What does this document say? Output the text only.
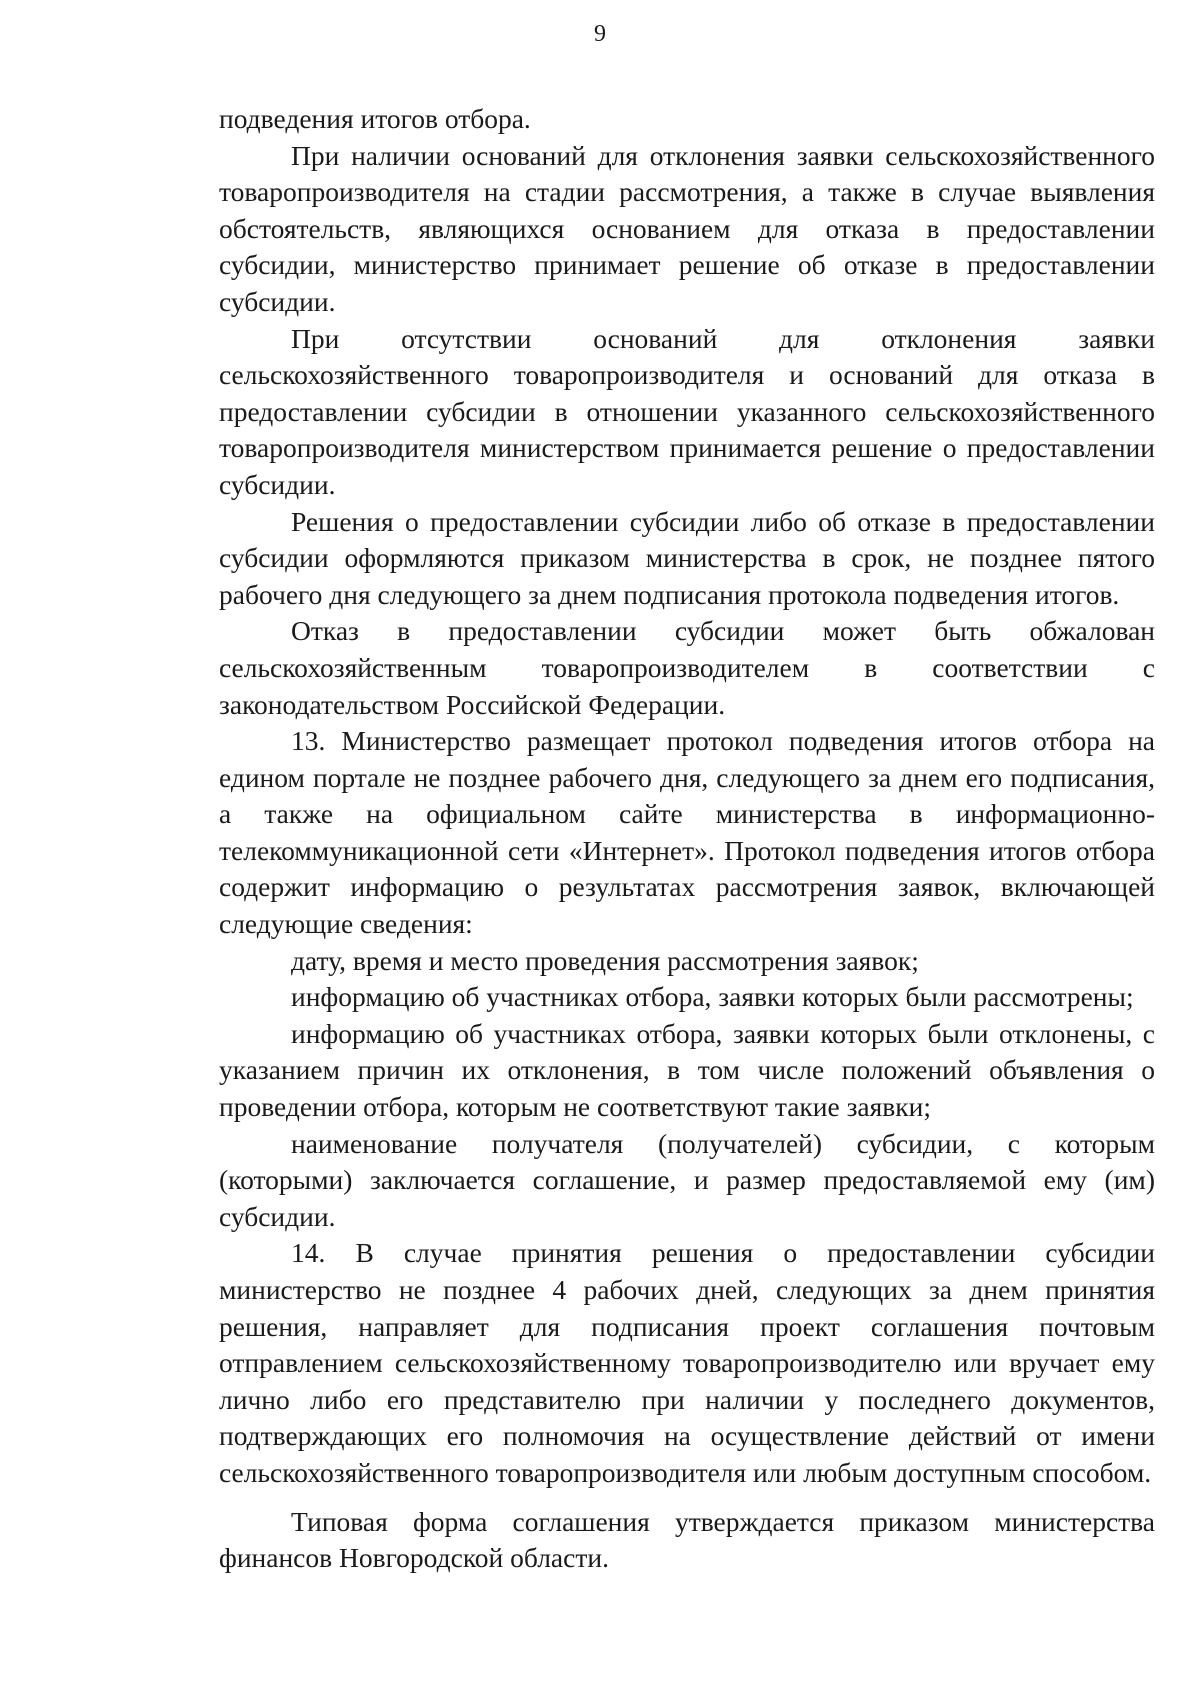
9

подведения итогов отбора.

При наличии оснований для отклонения заявки сельскохозяйственного товаропроизводителя на стадии рассмотрения, а также в случае выявления обстоятельств, являющихся основанием для отказа в предоставлении субсидии, министерство принимает решение об отказе в предоставлении субсидии.

При отсутствии оснований для отклонения заявки сельскохозяйственного товаропроизводителя и оснований для отказа в предоставлении субсидии в отношении указанного сельскохозяйственного товаропроизводителя министерством принимается решение о предоставлении субсидии.

Решения о предоставлении субсидии либо об отказе в предоставлении субсидии оформляются приказом министерства в срок, не позднее пятого рабочего дня следующего за днем подписания протокола подведения итогов.

Отказ в предоставлении субсидии может быть обжалован сельскохозяйственным товаропроизводителем в соответствии с законодательством Российской Федерации.

13. Министерство размещает протокол подведения итогов отбора на едином портале не позднее рабочего дня, следующего за днем его подписания, а также на официальном сайте министерства в информационно-телекоммуникационной сети «Интернет». Протокол подведения итогов отбора содержит информацию о результатах рассмотрения заявок, включающей следующие сведения:

дату, время и место проведения рассмотрения заявок;

информацию об участниках отбора, заявки которых были рассмотрены;

информацию об участниках отбора, заявки которых были отклонены, с указанием причин их отклонения, в том числе положений объявления о проведении отбора, которым не соответствуют такие заявки;

наименование получателя (получателей) субсидии, с которым (которыми) заключается соглашение, и размер предоставляемой ему (им) субсидии.

14. В случае принятия решения о предоставлении субсидии министерство не позднее 4 рабочих дней, следующих за днем принятия решения, направляет для подписания проект соглашения почтовым отправлением сельскохозяйственному товаропроизводителю или вручает ему лично либо его представителю при наличии у последнего документов, подтверждающих его полномочия на осуществление действий от имени сельскохозяйственного товаропроизводителя или любым доступным способом.

Типовая форма соглашения утверждается приказом министерства финансов Новгородской области.
